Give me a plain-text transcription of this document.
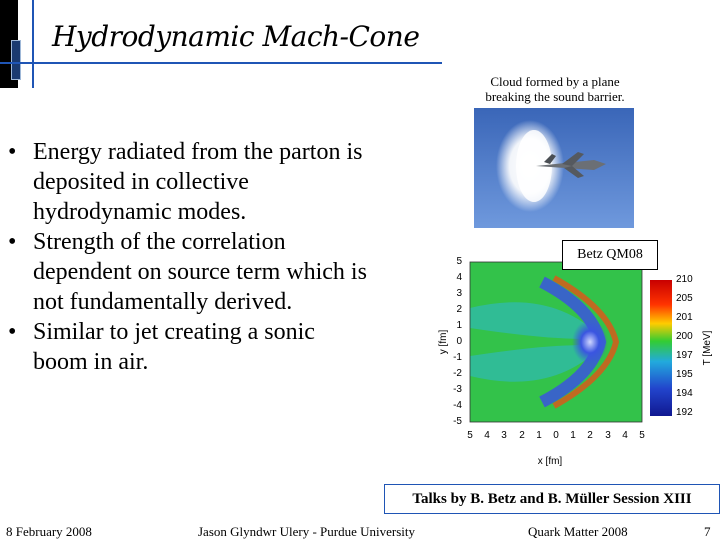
Hydrodynamic Mach-Cone
Cloud formed by a plane breaking the sound barrier.
• Energy radiated from the parton is deposited in collective hydrodynamic modes.
• Strength of the correlation dependent on source term which is not fundamentally derived.
• Similar to jet creating a sonic boom in air.
5
4
3
2
1
0
-1
-2
-3
-4
-5
5 4 3 2 1 0 1 2 3 4 5
x [fm]
y [fm]
210
205
201
200
197
195
194
192
T [MeV]
Betz QM08
Talks by B. Betz and B. Müller Session XIII
8 February 2008	Jason Glyndwr Ulery - Purdue University	Quark Matter 2008	7
